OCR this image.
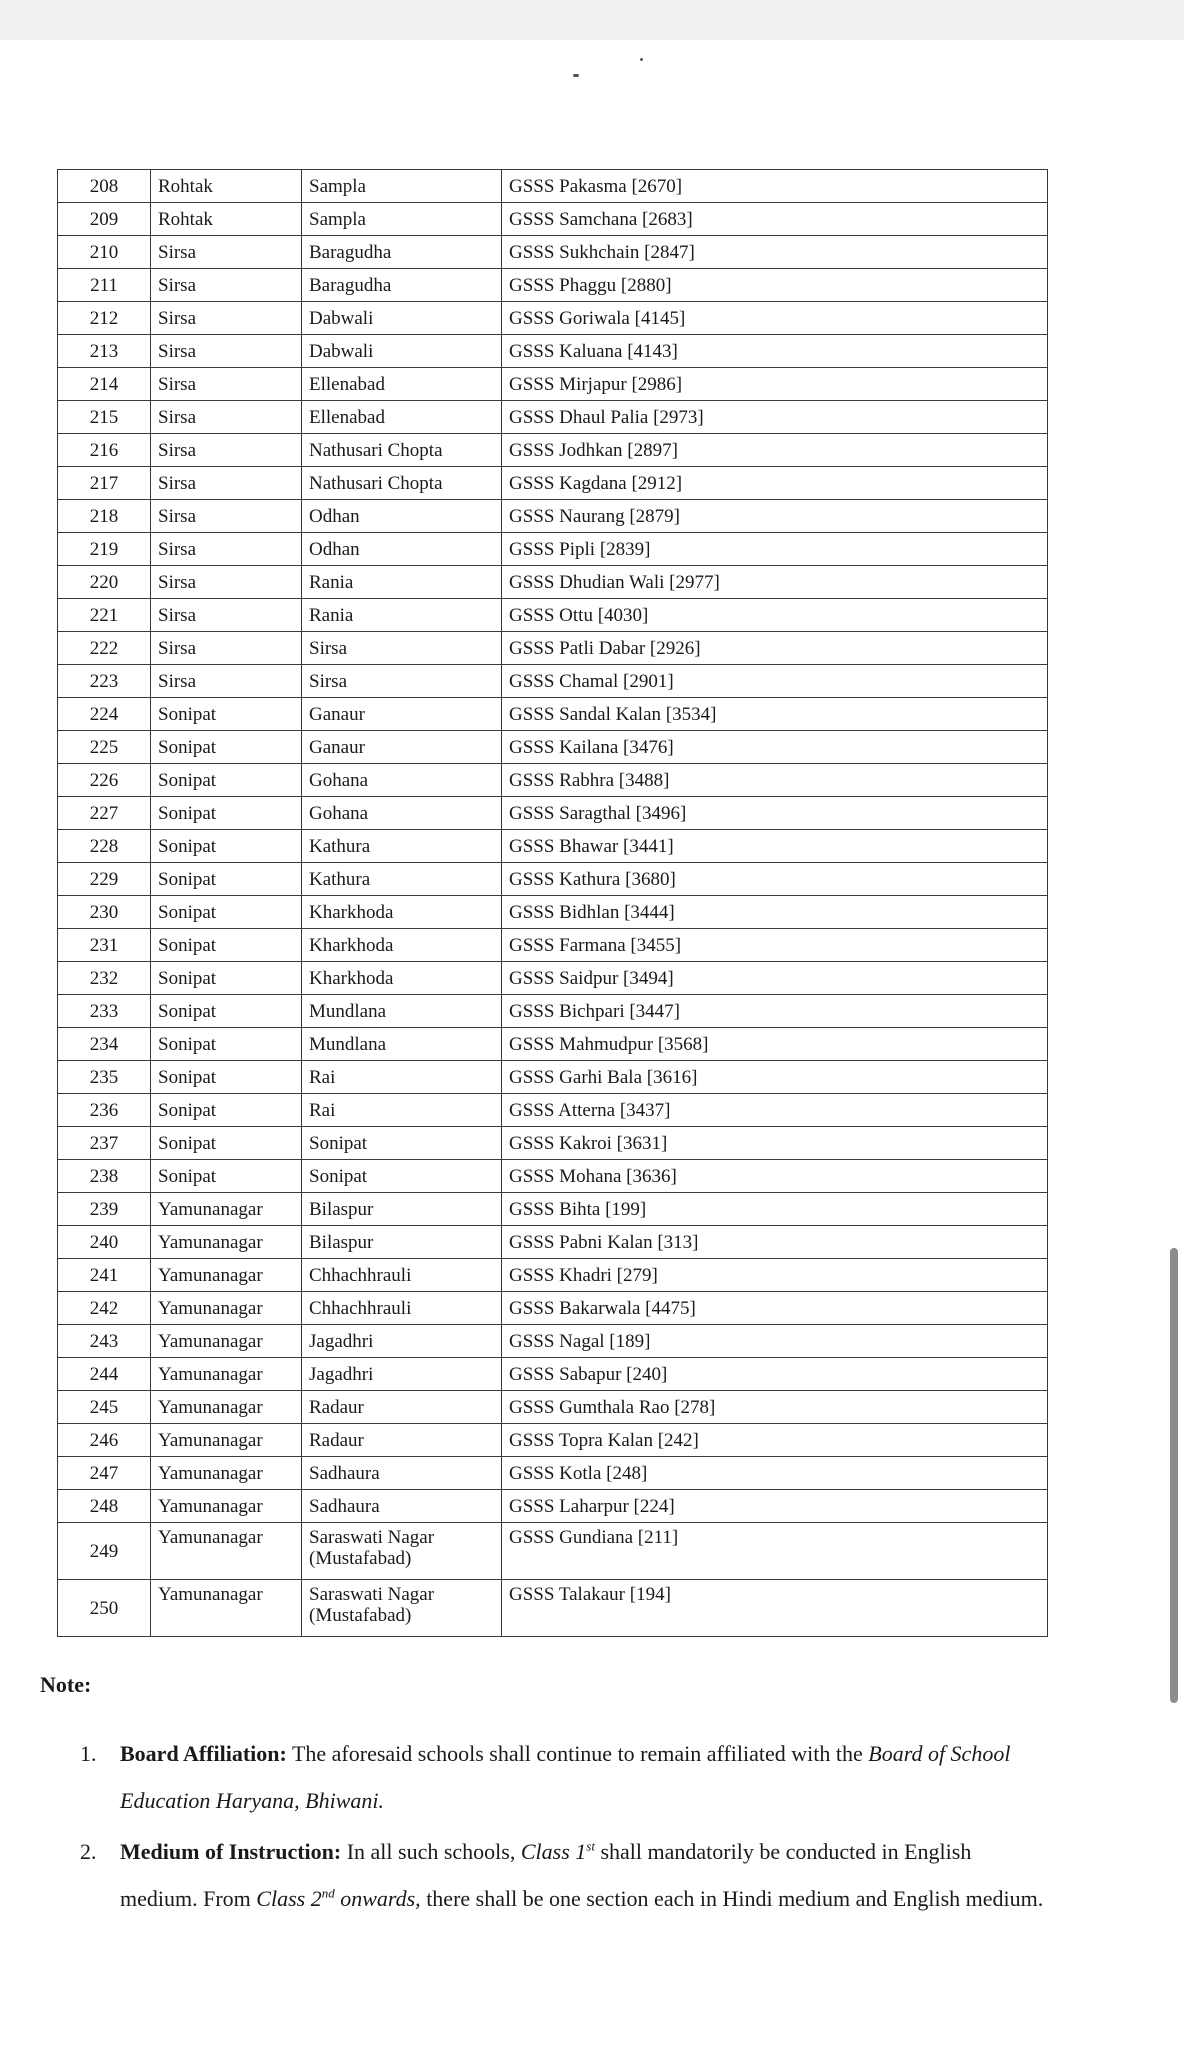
208	Rohtak	Sampla	GSSS Pakasma [2670]
209	Rohtak	Sampla	GSSS Samchana [2683]
210	Sirsa	Baragudha	GSSS Sukhchain [2847]
211	Sirsa	Baragudha	GSSS Phaggu [2880]
212	Sirsa	Dabwali	GSSS Goriwala [4145]
213	Sirsa	Dabwali	GSSS Kaluana [4143]
214	Sirsa	Ellenabad	GSSS Mirjapur [2986]
215	Sirsa	Ellenabad	GSSS Dhaul Palia [2973]
216	Sirsa	Nathusari Chopta	GSSS Jodhkan [2897]
217	Sirsa	Nathusari Chopta	GSSS Kagdana [2912]
218	Sirsa	Odhan	GSSS Naurang [2879]
219	Sirsa	Odhan	GSSS Pipli [2839]
220	Sirsa	Rania	GSSS Dhudian Wali [2977]
221	Sirsa	Rania	GSSS Ottu [4030]
222	Sirsa	Sirsa	GSSS Patli Dabar [2926]
223	Sirsa	Sirsa	GSSS Chamal [2901]
224	Sonipat	Ganaur	GSSS Sandal Kalan [3534]
225	Sonipat	Ganaur	GSSS Kailana [3476]
226	Sonipat	Gohana	GSSS Rabhra [3488]
227	Sonipat	Gohana	GSSS Saragthal [3496]
228	Sonipat	Kathura	GSSS Bhawar [3441]
229	Sonipat	Kathura	GSSS Kathura [3680]
230	Sonipat	Kharkhoda	GSSS Bidhlan [3444]
231	Sonipat	Kharkhoda	GSSS Farmana [3455]
232	Sonipat	Kharkhoda	GSSS Saidpur [3494]
233	Sonipat	Mundlana	GSSS Bichpari [3447]
234	Sonipat	Mundlana	GSSS Mahmudpur [3568]
235	Sonipat	Rai	GSSS Garhi Bala [3616]
236	Sonipat	Rai	GSSS Atterna [3437]
237	Sonipat	Sonipat	GSSS Kakroi [3631]
238	Sonipat	Sonipat	GSSS Mohana [3636]
239	Yamunanagar	Bilaspur	GSSS Bihta [199]
240	Yamunanagar	Bilaspur	GSSS Pabni Kalan [313]
241	Yamunanagar	Chhachhrauli	GSSS Khadri [279]
242	Yamunanagar	Chhachhrauli	GSSS Bakarwala [4475]
243	Yamunanagar	Jagadhri	GSSS Nagal [189]
244	Yamunanagar	Jagadhri	GSSS Sabapur [240]
245	Yamunanagar	Radaur	GSSS Gumthala Rao [278]
246	Yamunanagar	Radaur	GSSS Topra Kalan [242]
247	Yamunanagar	Sadhaura	GSSS Kotla [248]
248	Yamunanagar	Sadhaura	GSSS Laharpur [224]
249	Yamunanagar	Saraswati Nagar (Mustafabad)	GSSS Gundiana [211]
250	Yamunanagar	Saraswati Nagar (Mustafabad)	GSSS Talakaur [194]
Note:
1. Board Affiliation: The aforesaid schools shall continue to remain affiliated with the Board of School Education Haryana, Bhiwani.
2. Medium of Instruction: In all such schools, Class 1st shall mandatorily be conducted in English medium. From Class 2nd onwards, there shall be one section each in Hindi medium and English medium.
